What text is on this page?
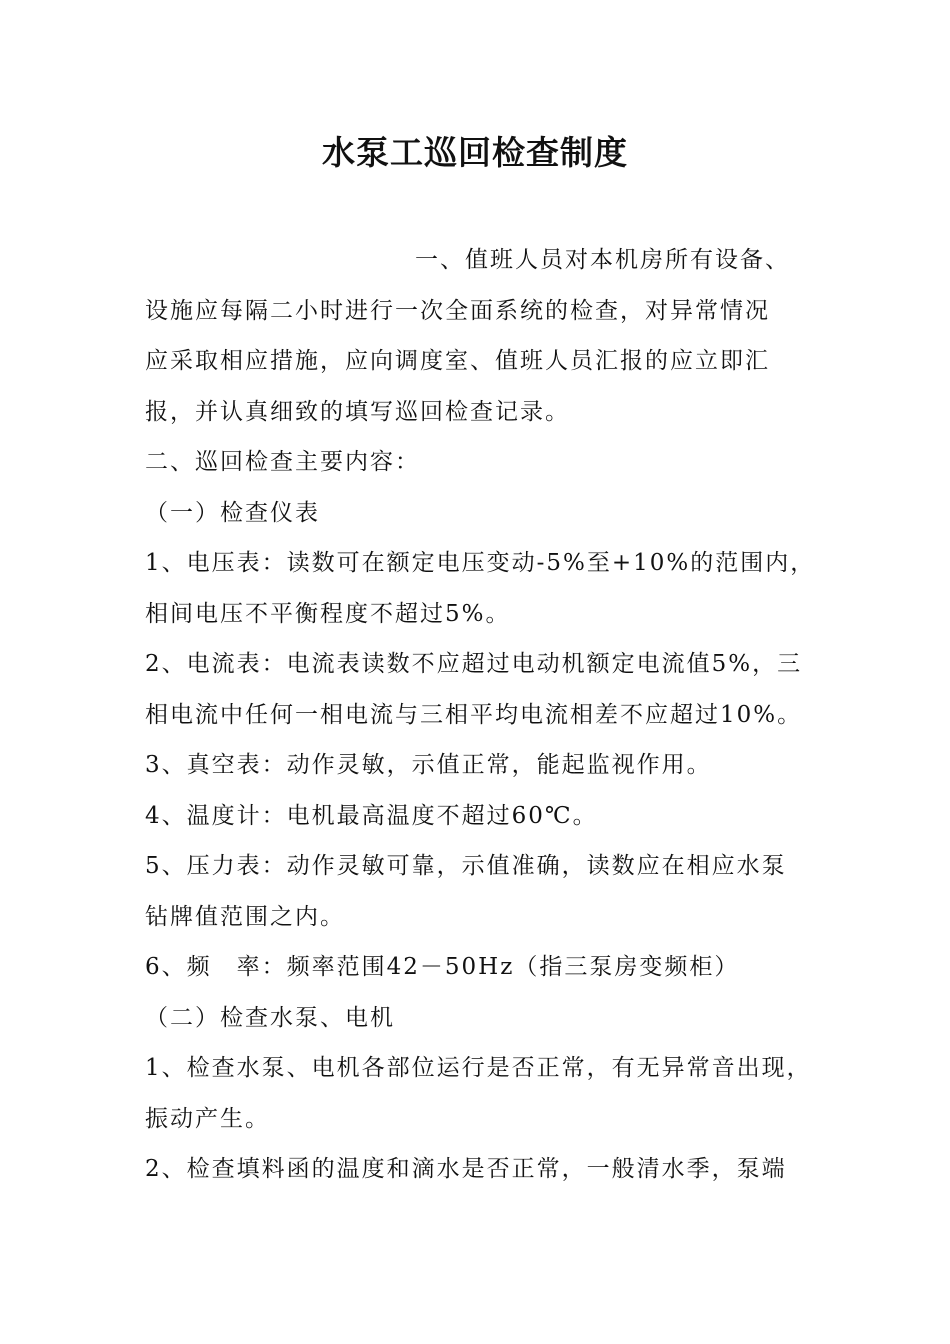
水泵工巡回检查制度
一、值班人员对本机房所有设备、
设施应每隔二小时进行一次全面系统的检查，对异常情况
应采取相应措施，应向调度室、值班人员汇报的应立即汇
报，并认真细致的填写巡回检查记录。
二、巡回检查主要内容：
（一）检查仪表
1、电压表：读数可在额定电压变动-5%至+10%的范围内，
相间电压不平衡程度不超过5%。
2、电流表：电流表读数不应超过电动机额定电流值5%，三
相电流中任何一相电流与三相平均电流相差不应超过10%。
3、真空表：动作灵敏，示值正常，能起监视作用。
4、温度计：电机最高温度不超过60℃。
5、压力表：动作灵敏可靠，示值准确，读数应在相应水泵
钻牌值范围之内。
6、频　率：频率范围42－50Hz（指三泵房变频柜）
（二）检查水泵、电机
1、检查水泵、电机各部位运行是否正常，有无异常音出现，
振动产生。
2、检查填料函的温度和滴水是否正常，一般清水季，泵端
